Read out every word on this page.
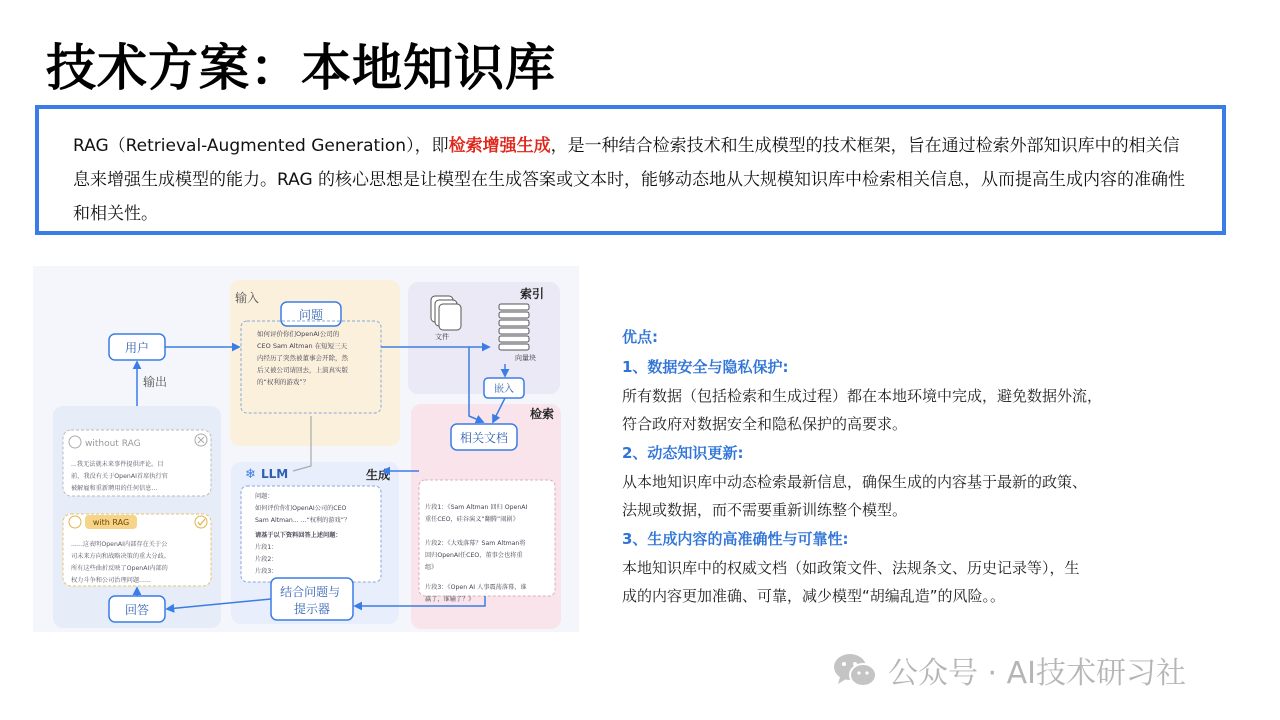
技术方案：本地知识库
RAG（Retrieval-Augmented Generation），即检索增强生成，是一种结合检索技术和生成模型的技术框架，旨在通过检索外部知识库中的相关信息来增强生成模型的能力。RAG 的核心思想是让模型在生成答案或文本时，能够动态地从大规模知识库中检索相关信息，从而提高生成内容的准确性和相关性。
输入	索引
输出
生成
检索
用户
问题
如何评价你们OpenAI公司的 CEO Sam Altman 在短短三天 内经历了突然被董事会开除，然 后又被公司请回去，上演真实版 的“权利的游戏”？
文件
向量块
嵌入
相关文档
片段1：《Sam Altman 回归 OpenAI 重任CEO，硅谷演义“翻腾”闹剧》 片段2：《大戏落幕？Sam Altman将 回归OpenAI任CEO，董事会也将重 组》 片段3：《Open AI 人事震荡落幕，谁 赢了，谁输了？》
without RAG
...我无法就未来事件提供评论。目 前，我没有关于OpenAI首席执行官 被解雇和重新聘用的任何信息...
with RAG
......这表明OpenAI内部存在关于公 司未来方向和战略决策的重大分歧。 所有这些曲折反映了OpenAI内部的 权力斗争和公司治理问题......
❄ LLM
问题： 如何评价你们OpenAI公司的CEO Sam Altman... ...“权利的游戏”？ 请基于以下资料回答上述问题： 片段1： 片段2： 片段3：
结合问题与 提示器
回答
优点:
1、数据安全与隐私保护:
所有数据（包括检索和生成过程）都在本地环境中完成，避免数据外流，
符合政府对数据安全和隐私保护的高要求。
2、动态知识更新:
从本地知识库中动态检索最新信息，确保生成的内容基于最新的政策、
法规或数据，而不需要重新训练整个模型。
3、生成内容的高准确性与可靠性:
本地知识库中的权威文档（如政策文件、法规条文、历史记录等），生
成的内容更加准确、可靠，减少模型“胡编乱造”的风险。。
公众号 · AI技术研习社
